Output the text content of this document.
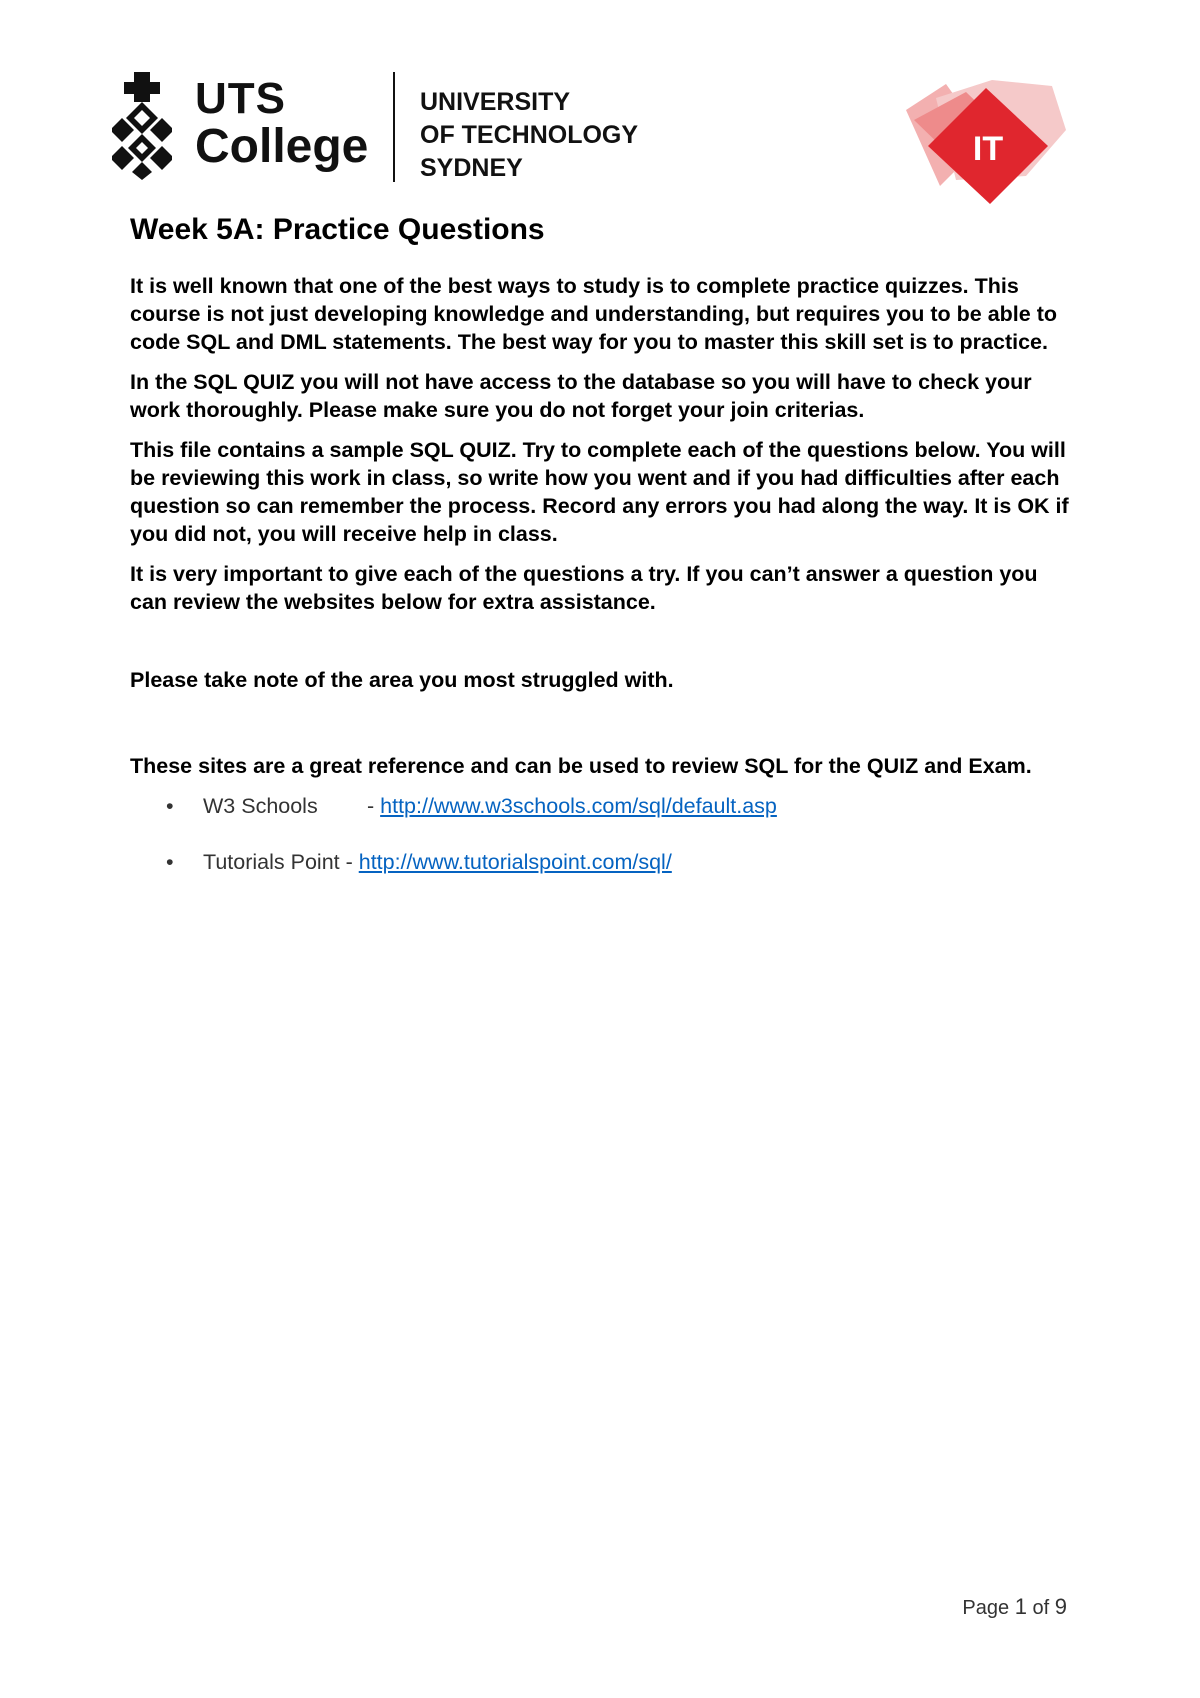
UTS
College
UNIVERSITY
OF TECHNOLOGY
SYDNEY	IT
Week 5A: Practice Questions

It is well known that one of the best ways to study is to complete practice quizzes. This course is not just developing knowledge and understanding, but requires you to be able to code SQL and DML statements. The best way for you to master this skill set is to practice.

In the SQL QUIZ you will not have access to the database so you will have to check your work thoroughly. Please make sure you do not forget your join criterias.

This file contains a sample SQL QUIZ. Try to complete each of the questions below. You will be reviewing this work in class, so write how you went and if you had difficulties after each question so can remember the process. Record any errors you had along the way. It is OK if you did not, you will receive help in class.

It is very important to give each of the questions a try. If you can’t answer a question you can review the websites below for extra assistance.

Please take note of the area you most struggled with.

These sites are a great reference and can be used to review SQL for the QUIZ and Exam.

• W3 Schools - http://www.w3schools.com/sql/default.asp
• Tutorials Point - http://www.tutorialspoint.com/sql/
Page 1 of 9
